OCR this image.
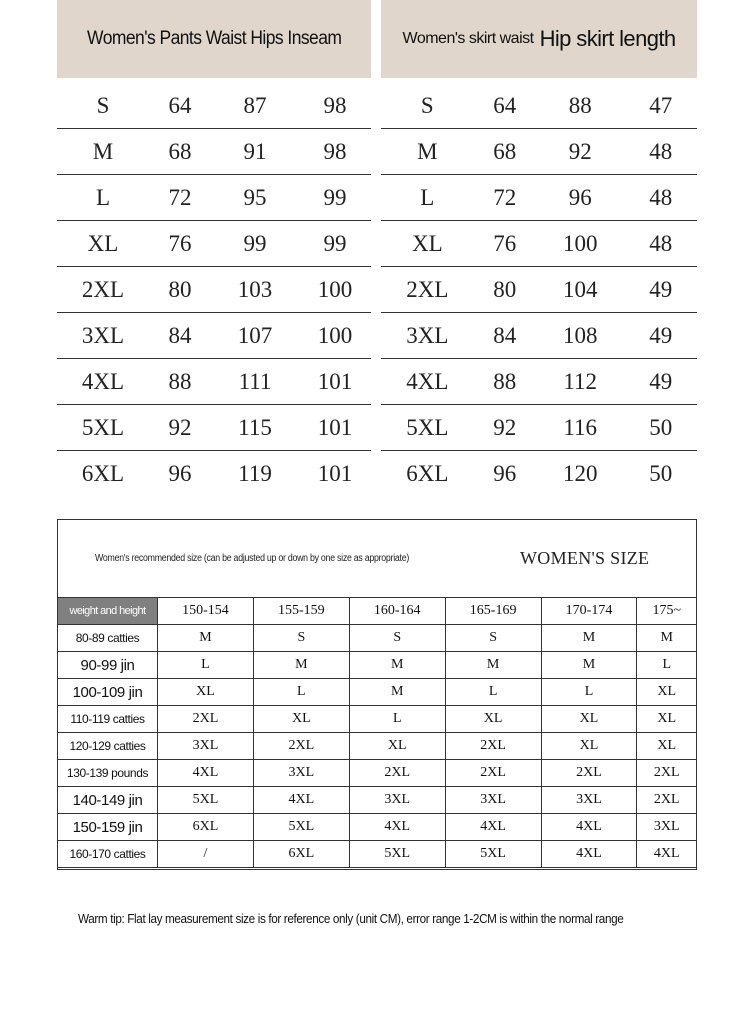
Women's Pants Waist Hips Inseam
S	64	87	98
M	68	91	98
L	72	95	99
XL	76	99	99
2XL	80	103	100
3XL	84	107	100
4XL	88	111	101
5XL	92	115	101
6XL	96	119	101
Women's skirt waist Hip skirt length
S	64	88	47
M	68	92	48
L	72	96	48
XL	76	100	48
2XL	80	104	49
3XL	84	108	49
4XL	88	112	49
5XL	92	116	50
6XL	96	120	50
Women's recommended size (can be adjusted up or down by one size as appropriate)	WOMEN'S SIZE
weight and height	150-154	155-159	160-164	165-169	170-174	175~
80-89 catties	M	S	S	S	M	M
90-99 jin	L	M	M	M	M	L
100-109 jin	XL	L	M	L	L	XL
110-119 catties	2XL	XL	L	XL	XL	XL
120-129 catties	3XL	2XL	XL	2XL	XL	XL
130-139 pounds	4XL	3XL	2XL	2XL	2XL	2XL
140-149 jin	5XL	4XL	3XL	3XL	3XL	2XL
150-159 jin	6XL	5XL	4XL	4XL	4XL	3XL
160-170 catties	/	6XL	5XL	5XL	4XL	4XL
Warm tip: Flat lay measurement size is for reference only (unit CM), error range 1-2CM is within the normal range
